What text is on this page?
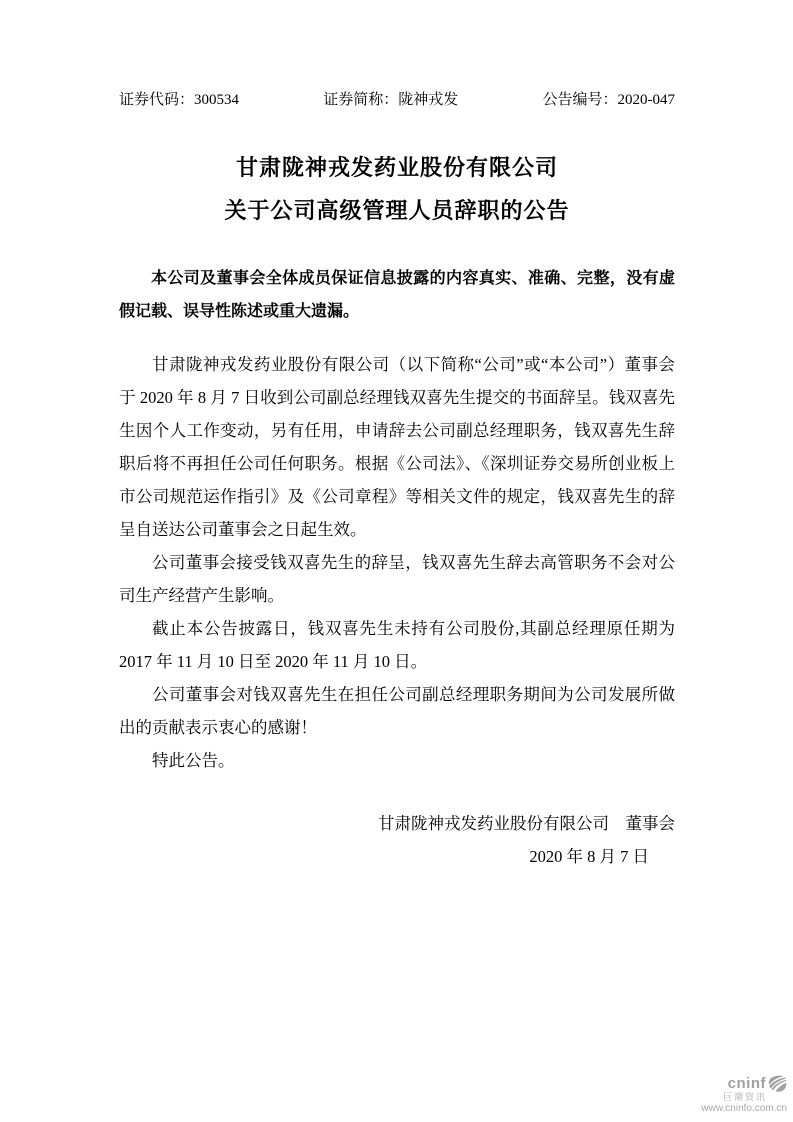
证券代码：300534	证券简称：陇神戎发	公告编号：2020-047
甘肃陇神戎发药业股份有限公司
关于公司高级管理人员辞职的公告

本公司及董事会全体成员保证信息披露的内容真实、准确、完整，没有虚假记载、误导性陈述或重大遗漏。

甘肃陇神戎发药业股份有限公司（以下简称“公司”或“本公司”）董事会于 2020 年 8 月 7 日收到公司副总经理钱双喜先生提交的书面辞呈。钱双喜先生因个人工作变动，另有任用，申请辞去公司副总经理职务，钱双喜先生辞职后将不再担任公司任何职务。根据《公司法》、《深圳证券交易所创业板上市公司规范运作指引》及《公司章程》等相关文件的规定，钱双喜先生的辞呈自送达公司董事会之日起生效。

公司董事会接受钱双喜先生的辞呈，钱双喜先生辞去高管职务不会对公司生产经营产生影响。

截止本公告披露日，钱双喜先生未持有公司股份,其副总经理原任期为 2017 年 11 月 10 日至 2020 年 11 月 10 日。

公司董事会对钱双喜先生在担任公司副总经理职务期间为公司发展所做出的贡献表示衷心的感谢！

特此公告。

甘肃陇神戎发药业股份有限公司　董事会

2020 年 8 月 7 日

cninf
巨潮资讯
www.cninfo.com.cn
